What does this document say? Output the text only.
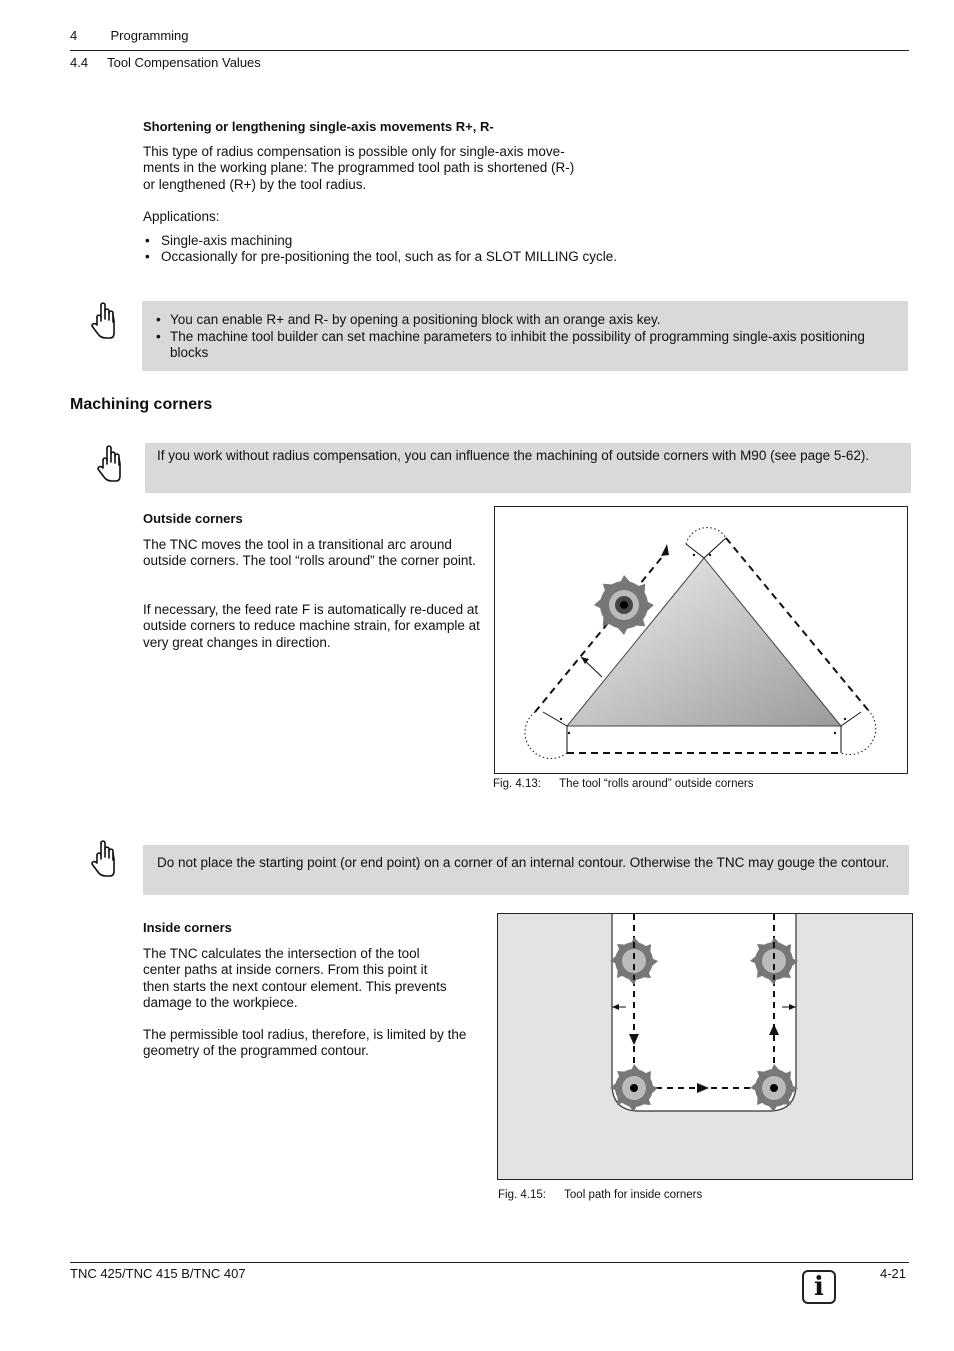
4	Programming
4.4 Tool Compensation Values
Shortening or lengthening single-axis movements R+, R-
This type of radius compensation is possible only for single-axis move-
ments in the working plane: The programmed tool path is shortened (R-)
or lengthened (R+) by the tool radius.
Applications:
• Single-axis machining
• Occasionally for pre-positioning the tool, such as for a SLOT MILLING cycle.
• You can enable R+ and R- by opening a positioning block with an orange axis key.
• The machine tool builder can set machine parameters to inhibit the possibility of programming single-axis positioning blocks
Machining corners
If you work without radius compensation, you can influence the machining of outside corners with M90 (see page 5-62).
Outside corners
The TNC moves the tool in a transitional arc around outside corners. The tool “rolls around” the corner point.
If necessary, the feed rate F is automatically re-duced at outside corners to reduce machine strain, for example at very great changes in direction.
Fig. 4.13: The tool “rolls around” outside corners
Do not place the starting point (or end point) on a corner of an internal contour. Otherwise the TNC may gouge the contour.
Inside corners
The TNC calculates the intersection of the tool center paths at inside corners. From this point it then starts the next contour element. This prevents damage to the workpiece.
The permissible tool radius, therefore, is limited by the geometry of the programmed contour.
Fig. 4.15: Tool path for inside corners
TNC 425/TNC 415 B/TNC 407	i	4-21
